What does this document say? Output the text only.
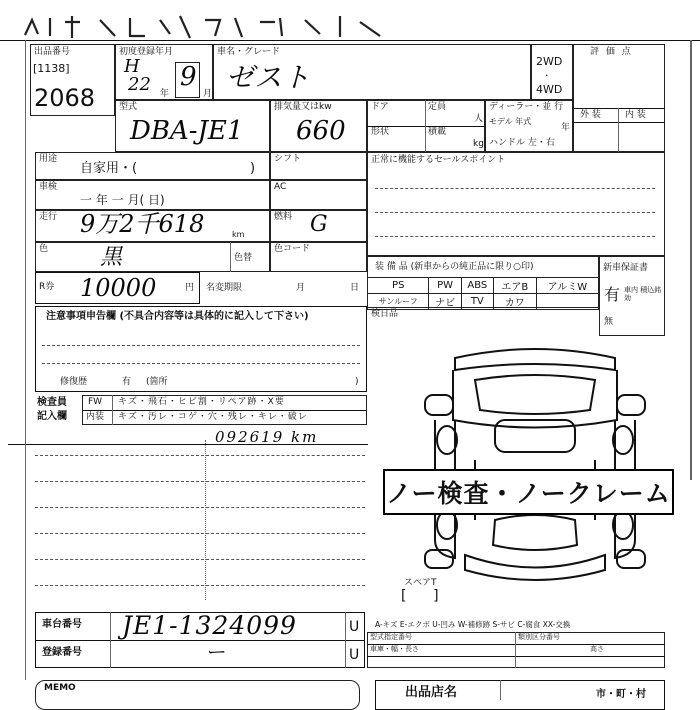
出品番号
[1138]
2068
初度登録年月
H
22 年
9
月
車名・グレード
ゼスト	2WD
·
4WD
評 価 点
外 装	内 装
型式
DBA-JE1
排気量又はkw
660
ドア	定員
人
形状	積載
kg
ディーラー・並 行
モデル 年式
年
ハンドル 左・右
用途
自家用・(	)
車検
一 年 一 月( 日)
走行 9万2千618	km
色 黒	色替
シフト
AC
燃料 G
色コード
正常に機能するセールスポイント
R券 10000	円 名変期限	月	日
注意事項申告欄 (不具合内容等は具体的に記入して下さい)
修復歴	有 (箇所	)
検査員
記入欄
FW キズ・飛石・ヒビ割・リペア跡・X要
内装 キズ・汚レ・コゲ・穴・残レ・キレ・破レ
092619 km
装 備 品 (新車からの純正品に限り○印)
PS	PW	ABS	エアB	アルミW
サンルーフ	ナビ	TV	カワ	
新車保証書
有 車内 積込銘効
無
検日品
ノー検査・ノークレーム
スペアT
[      ]
A-キズ E-エクボ U-凹み W-補修跡 S-サビ C-腐食 XX-交換
車台番号 JE1-1324099	U
登録番号	ー	U
型式指定番号	類別区分番号
車庫・幅・長さ	高さ
MEMO	出品店名	市・町・村
